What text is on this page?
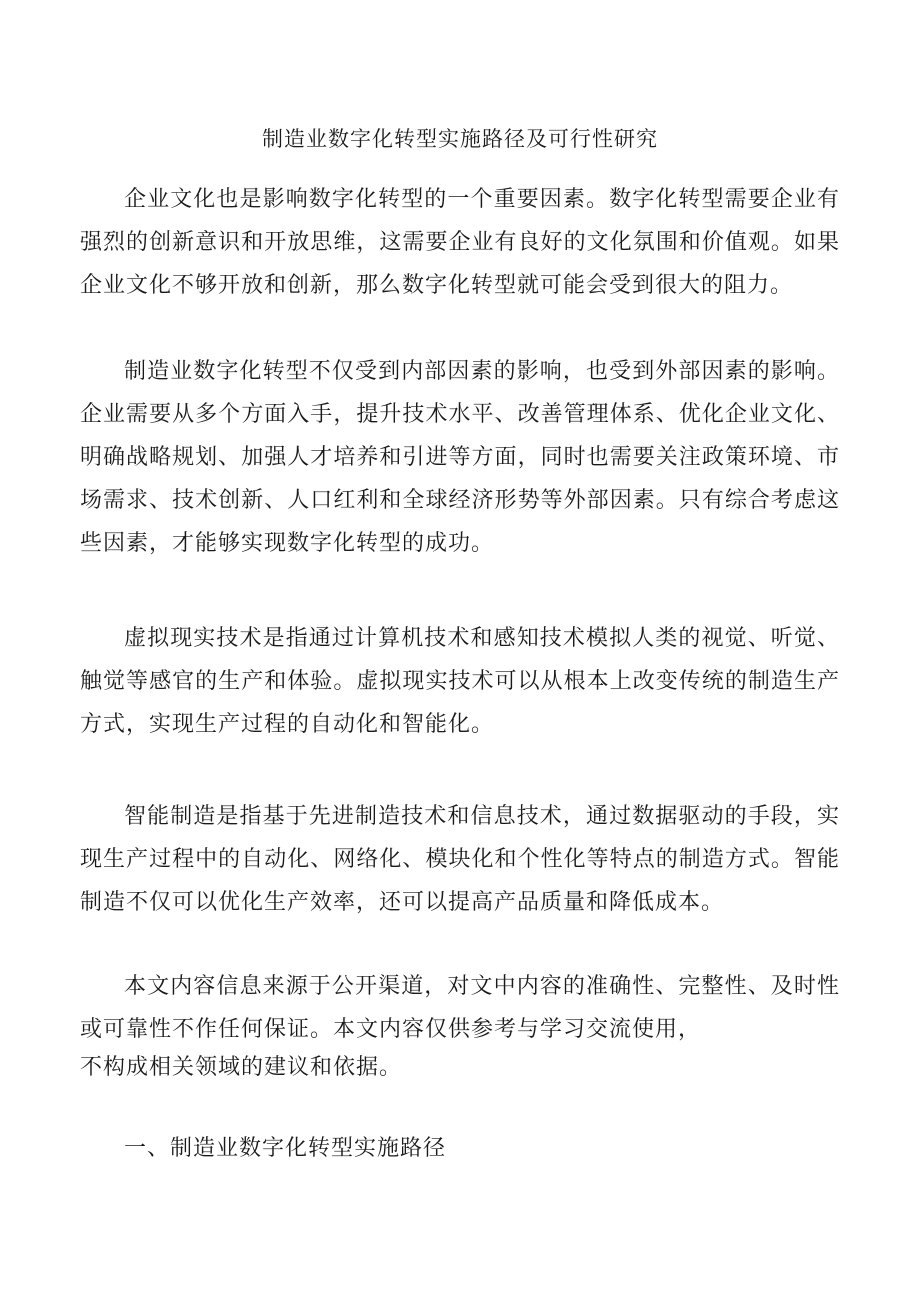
制造业数字化转型实施路径及可行性研究

企业文化也是影响数字化转型的一个重要因素。数字化转型需要企业有强烈的创新意识和开放思维，这需要企业有良好的文化氛围和价值观。如果企业文化不够开放和创新，那么数字化转型就可能会受到很大的阻力。

制造业数字化转型不仅受到内部因素的影响，也受到外部因素的影响。企业需要从多个方面入手，提升技术水平、改善管理体系、优化企业文化、明确战略规划、加强人才培养和引进等方面，同时也需要关注政策环境、市场需求、技术创新、人口红利和全球经济形势等外部因素。只有综合考虑这些因素，才能够实现数字化转型的成功。

虚拟现实技术是指通过计算机技术和感知技术模拟人类的视觉、听觉、触觉等感官的生产和体验。虚拟现实技术可以从根本上改变传统的制造生产方式，实现生产过程的自动化和智能化。

智能制造是指基于先进制造技术和信息技术，通过数据驱动的手段，实现生产过程中的自动化、网络化、模块化和个性化等特点的制造方式。智能制造不仅可以优化生产效率，还可以提高产品质量和降低成本。

本文内容信息来源于公开渠道，对文中内容的准确性、完整性、及时性或可靠性不作任何保证。本文内容仅供参考与学习交流使用，
不构成相关领域的建议和依据。
一、制造业数字化转型实施路径
